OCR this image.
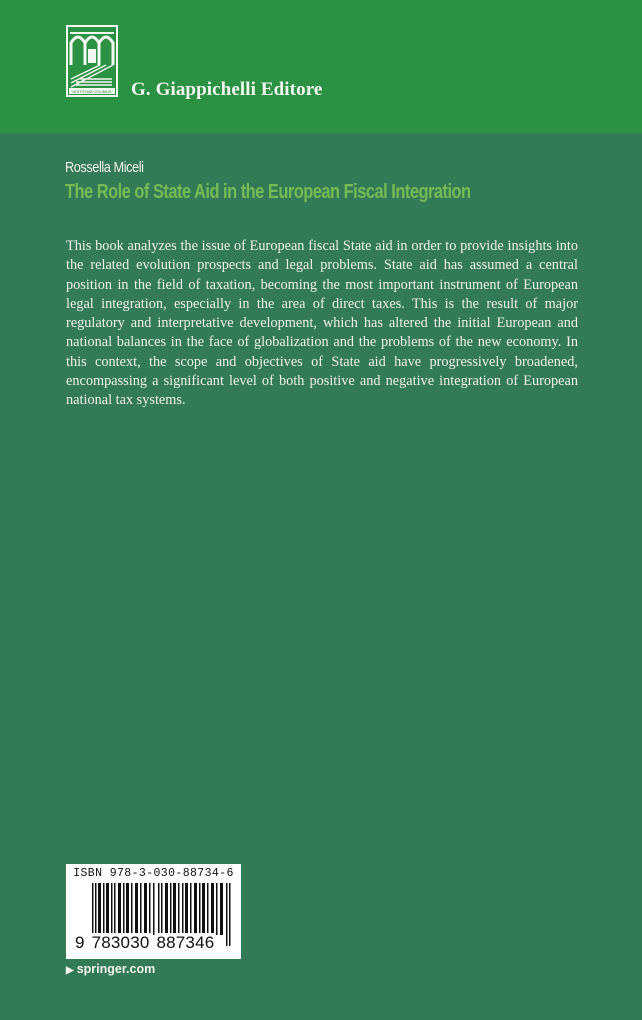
IUSTITIAM COLIMUS G. Giappichelli Editore
Rossella Miceli
The Role of State Aid in the European Fiscal Integration
This book analyzes the issue of European fiscal State aid in order to provide insights into the related evolution prospects and legal problems. State aid has assumed a central position in the field of taxation, becoming the most important instrument of European legal integration, especially in the area of direct taxes. This is the result of major regulatory and interpretative development, which has altered the initial European and national balances in the face of globalization and the problems of the new economy. In this context, the scope and objectives of State aid have progressively broadened, encompassing a significant level of both positive and negative integration of European national tax systems.
ISBN 978-3-030-88734-6
9 783030 887346
▶ springer.com
